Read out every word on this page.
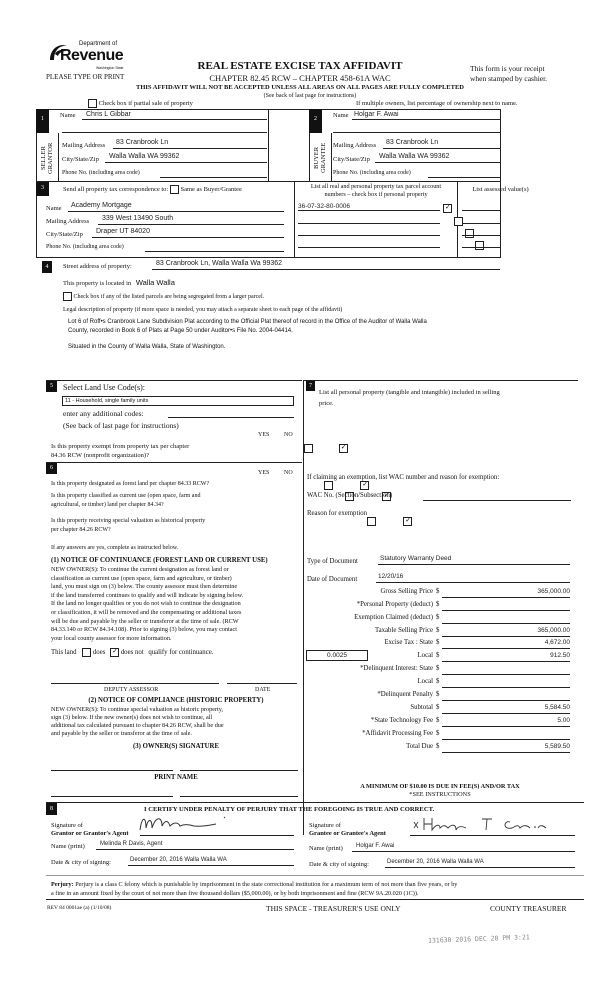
Department of
Revenue
Washington State
PLEASE TYPE OR PRINT
REAL ESTATE EXCISE TAX AFFIDAVIT
CHAPTER 82.45 RCW – CHAPTER 458-61A WAC
This form is your receipt
when stamped by cashier.
THIS AFFIDAVIT WILL NOT BE ACCEPTED UNLESS ALL AREAS ON ALL PAGES ARE FULLY COMPLETED
(See back of last page for instructions)
Check box if partial sale of property	If multiple owners, list percentage of ownership next to name.
1
SELLER
GRANTOR
Name	Chris L Gibbar
Mailing Address	83 Cranbrook Ln
City/State/Zip	Walla Walla WA 99362
Phone No. (including area code)
2
BUYER
GRANTEE
Name Holgar F. Awai
Mailing Address	83 Cranbrook Ln
City/State/Zip	Walla Walla WA 99362
Phone No. (including area code)
3	Send all property tax correspondence to: Same as Buyer/Grantee
Name	Academy Mortgage
Mailing Address	339 West 13490 South
City/State/Zip	Draper UT 84020
Phone No. (including area code)
List all real and personal property tax parcel account
numbers – check box if personal property
List assessed value(s)
36-07-32-80-0006
✓

4	Street address of property:	83 Cranbrook Ln, Walla Walla Wa 99362
This property is located in Walla Walla
Check box if any of the listed parcels are being segregated from a larger parcel.
Legal description of property (if more space is needed, you may attach a separate sheet to each page of the affidavit)
Lot 6 of Roff•s Cranbrook Lane Subdivision Plat according to the Official Plat thereof of record in the Office of the Auditor of Walla Walla
County, recorded in Book 6 of Plats at Page 50 under Auditor•s File No. 2004-04414.
Situated in the County of Walla Walla, State of Washington.
5	Select Land Use Code(s):
11 - Household, single family units
enter any additional codes:
(See back of last page for instructions)
YES NO
Is this property exempt from property tax per chapter
84.36 RCW (nonprofit organization)?
✓
6
YES NO
Is this property designated as forest land per chapter 84.33 RCW?
✓
Is this property classified as current use (open space, farm and
agricultural, or timber) land per chapter 84.34?
✓
Is this property receiving special valuation as historical property
per chapter 84.26 RCW?
✓
If any answers are yes, complete as instructed below.
(1) NOTICE OF CONTINUANCE (FOREST LAND OR CURRENT USE)
NEW OWNER(S): To continue the current designation as forest land or
classification as current use (open space, farm and agriculture, or timber)
land, you must sign on (3) below. The county assessor must then determine
if the land transferred continues to qualify and will indicate by signing below.
If the land no longer qualifies or you do not wish to continue the designation
or classification, it will be removed and the compensating or additional taxes
will be due and payable by the seller or transferor at the time of sale. (RCW
84.33.140 or RCW 84.34.108). Prior to signing (3) below, you may contact
your local county assessor for more information.
This land does ✓ does not qualify for continuance.
DEPUTY ASSESSOR	DATE
(2) NOTICE OF COMPLIANCE (HISTORIC PROPERTY)
NEW OWNER(S): To continue special valuation as historic property,
sign (3) below. If the new owner(s) does not wish to continue, all
additional tax calculated pursuant to chapter 84.26 RCW, shall be due
and payable by the seller or transferor at the time of sale.
(3) OWNER(S) SIGNATURE
PRINT NAME
7
List all personal property (tangible and intangible) included in selling
price.
If claiming an exemption, list WAC number and reason for exemption:
WAC No. (Section/Subsection)
Reason for exemption
Type of Document	Statutory Warranty Deed
Date of Document	12/20/16
Gross Selling Price $	365,000.00
*Personal Property (deduct) $
Exemption Claimed (deduct) $
Taxable Selling Price $	365,000.00
Excise Tax : State $	4,672.00
0.0025	Local $	912.50
*Delinquent Interest: State $
Local $
*Delinquent Penalty $
Subtotal $	5,584.50
*State Technology Fee $	5.00
*Affidavit Processing Fee $
Total Due $	5,589.50
A MINIMUM OF $10.00 IS DUE IN FEE(S) AND/OR TAX
*SEE INSTRUCTIONS
8	I CERTIFY UNDER PENALTY OF PERJURY THAT THE FOREGOING IS TRUE AND CORRECT.
Signature of
Grantor or Grantor's Agent
Name (print)	Melinda R Davis, Agent
Date & city of signing:	December 20, 2016 Walla Walla WA
Signature of
Grantee or Grantee's Agent
Name (print)	Holgar F. Awai
Date & city of signing:	December 20, 2016 Walla Walla WA
Perjury: Perjury is a class C felony which is punishable by imprisonment in the state correctional institution for a maximum term of not more than five years, or by
a fine in an amount fixed by the court of not more than five thousand dollars ($5,000.00), or by both imprisonment and fine (RCW 9A.20.020 (1C)).
REV 84 0001ae (a) (1/10/08)	THIS SPACE - TREASURER'S USE ONLY	COUNTY TREASURER
131630 2016 DEC 20 PM 3:21
